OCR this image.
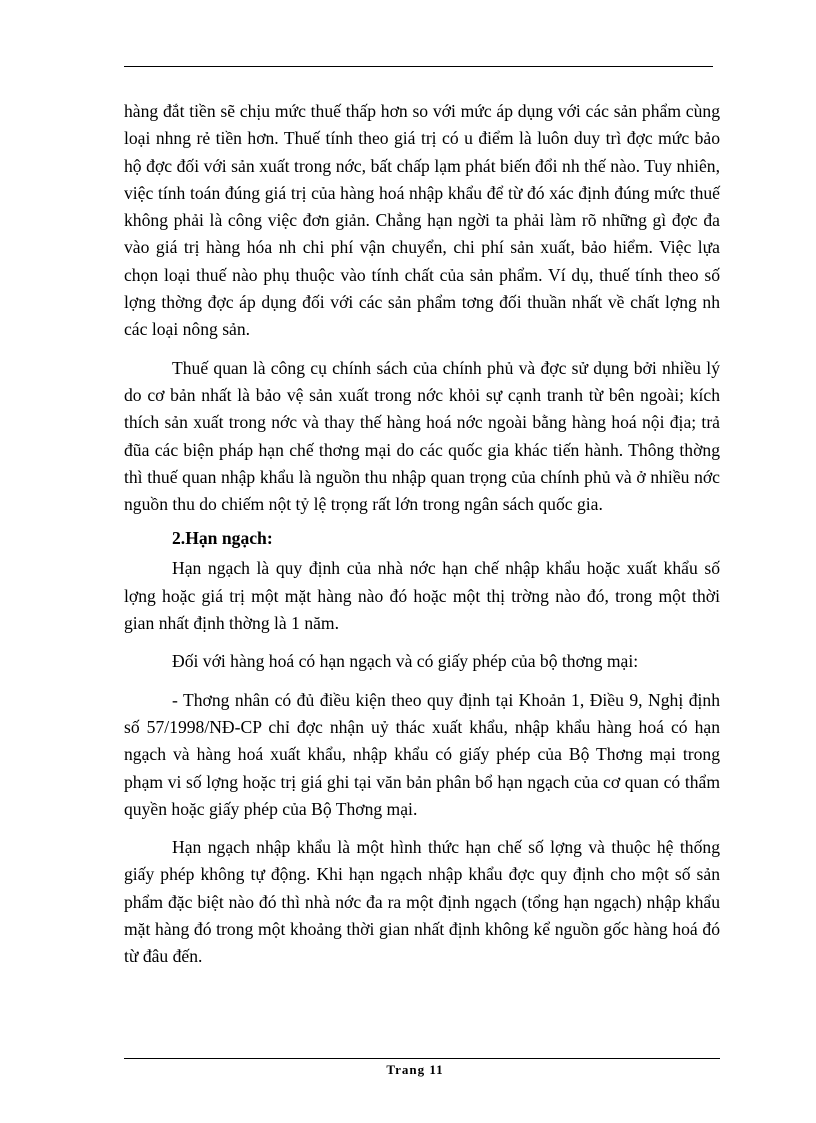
hàng đắt tiền sẽ chịu mức thuế thấp hơn so với mức áp dụng với các sản phẩm cùng loại nhng rẻ tiền hơn. Thuế tính theo giá trị có u điểm là luôn duy trì đợc mức bảo hộ đợc đối với sản xuất trong nớc, bất chấp lạm phát biến đổi nh thế nào. Tuy nhiên, việc tính toán đúng giá trị của hàng hoá nhập khẩu để từ đó xác định đúng mức thuế không phải là công việc đơn giản. Chẳng hạn ngời ta phải làm rõ những gì đợc đa vào giá trị hàng hóa nh chi phí vận chuyển, chi phí sản xuất, bảo hiểm. Việc lựa chọn loại thuế nào phụ thuộc vào tính chất của sản phẩm. Ví dụ, thuế tính theo số lợng thờng đợc áp dụng đối với các sản phẩm tơng đối thuần nhất về chất lợng nh các loại nông sản.

Thuế quan là công cụ chính sách của chính phủ và đợc sử dụng bởi nhiều lý do cơ bản nhất là bảo vệ sản xuất trong nớc khỏi sự cạnh tranh từ bên ngoài; kích thích sản xuất trong nớc và thay thế hàng hoá nớc ngoài bằng hàng hoá nội địa; trả đũa các biện pháp hạn chế thơng mại do các quốc gia khác tiến hành. Thông thờng thì thuế quan nhập khẩu là nguồn thu nhập quan trọng của chính phủ và ở nhiều nớc nguồn thu do chiếm nột tỷ lệ trọng rất lớn trong ngân sách quốc gia.

2.Hạn ngạch:

Hạn ngạch là quy định của nhà nớc hạn chế nhập khẩu hoặc xuất khẩu số lợng hoặc giá trị một mặt hàng nào đó hoặc một thị trờng nào đó, trong một thời gian nhất định thờng là 1 năm.

Đối với hàng hoá có hạn ngạch và có giấy phép của bộ thơng mại:

- Thơng nhân có đủ điều kiện theo quy định tại Khoản 1, Điều 9, Nghị định số 57/1998/NĐ-CP chỉ đợc nhận uỷ thác xuất khẩu, nhập khẩu hàng hoá có hạn ngạch và hàng hoá xuất khẩu, nhập khẩu có giấy phép của Bộ Thơng mại trong phạm vi số lợng hoặc trị giá ghi tại văn bản phân bổ hạn ngạch của cơ quan có thẩm quyền hoặc giấy phép của Bộ Thơng mại.

Hạn ngạch nhập khẩu là một hình thức hạn chế số lợng và thuộc hệ thống giấy phép không tự động. Khi hạn ngạch nhập khẩu đợc quy định cho một số sản phẩm đặc biệt nào đó thì nhà nớc đa ra một định ngạch (tổng hạn ngạch) nhập khẩu mặt hàng đó trong một khoảng thời gian nhất định không kể nguồn gốc hàng hoá đó từ đâu đến.

Trang 11
